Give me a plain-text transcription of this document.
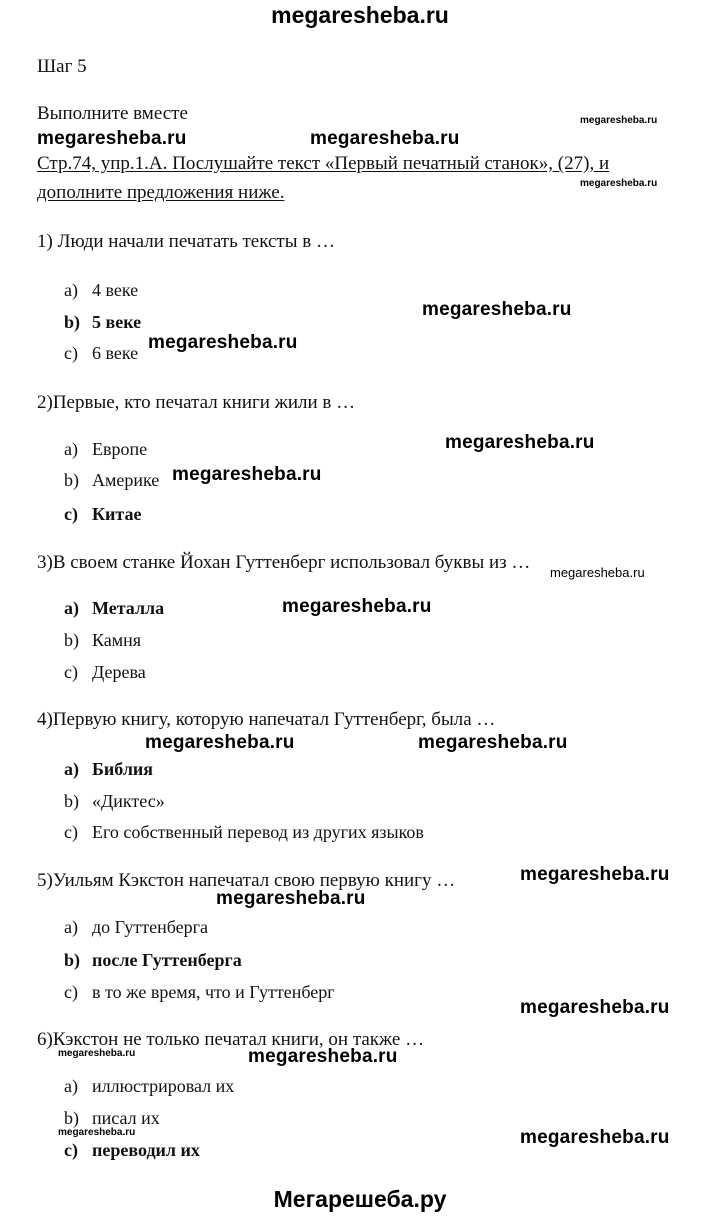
megaresheba.ru
Мегарешеба.ру
Шаг 5
Выполните вместе
Стр.74, упр.1.А. Послушайте текст «Первый печатный станок», (27), и
дополните предложения ниже.
1) Люди начали печатать тексты в …
a) 4 веке
b) 5 веке
c) 6 веке
2)Первые, кто печатал книги жили в …
a) Европе
b) Америке
c) Китае
3)В своем станке Йохан Гуттенберг использовал буквы из …
a) Металла
b) Камня
c) Дерева
4)Первую книгу, которую напечатал Гуттенберг, была …
a) Библия
b) «Диктес»
c) Его собственный перевод из других языков
5)Уильям Кэкстон напечатал свою первую книгу …
a) до Гуттенберга
b) после Гуттенберга
c) в то же время, что и Гуттенберг
6)Кэкстон не только печатал книги, он также …
a) иллюстрировал их
b) писал их
c) переводил их
megaresheba.ru	megaresheba.ru
megaresheba.ru
megaresheba.ru
megaresheba.ru
megaresheba.ru
megaresheba.ru
megaresheba.ru
megaresheba.ru
megaresheba.ru
megaresheba.ru	megaresheba.ru
megaresheba.ru
megaresheba.ru
megaresheba.ru
megaresheba.ru	megaresheba.ru
megaresheba.ru	megaresheba.ru
